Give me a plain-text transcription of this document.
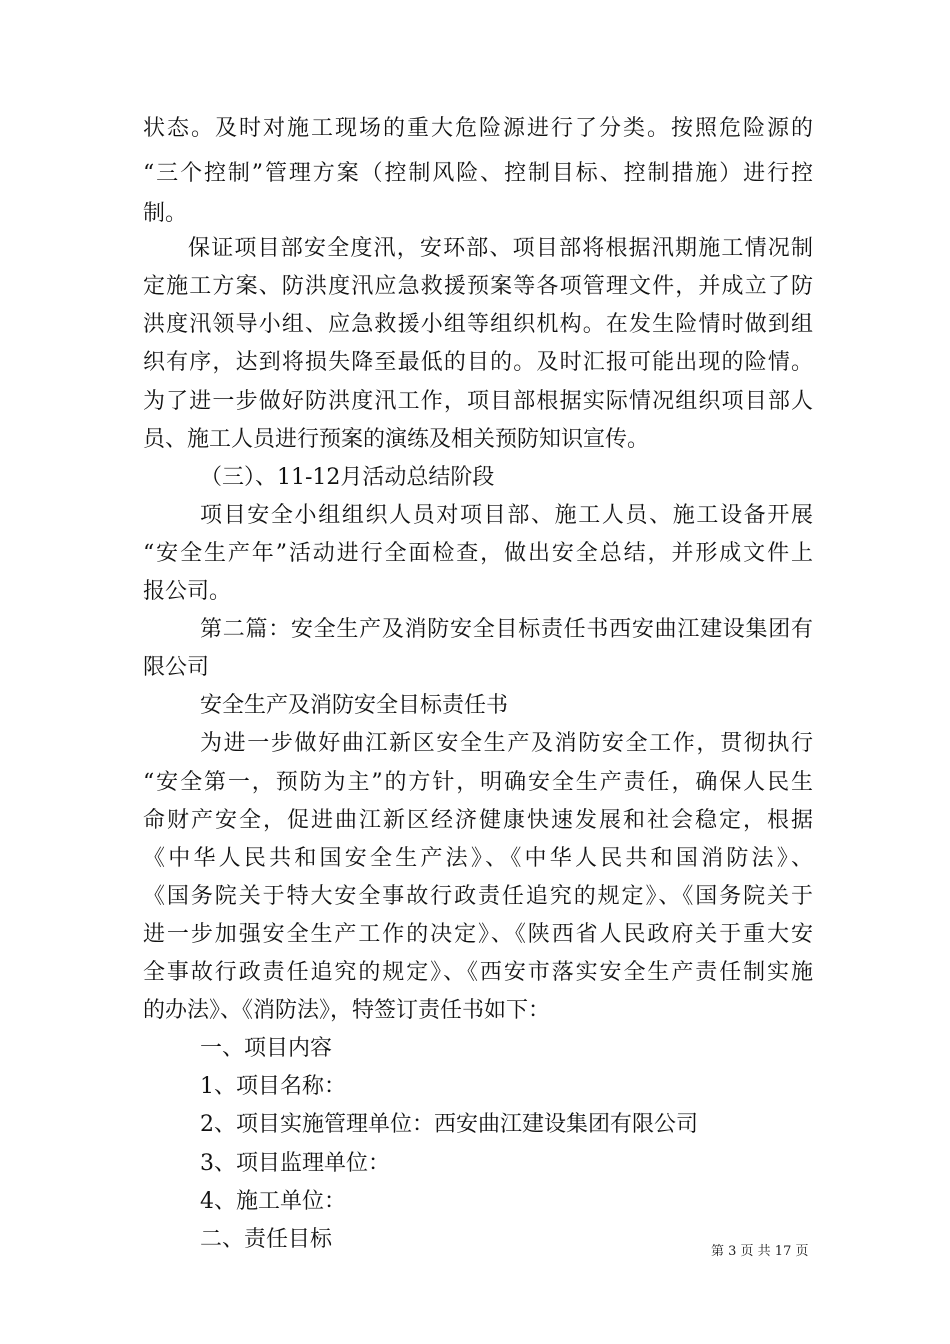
状态。及时对施工现场的重大危险源进行了分类。按照危险源的
“三个控制”管理方案（控制风险、控制目标、控制措施）进行控
制。
保证项目部安全度汛，安环部、项目部将根据汛期施工情况制
定施工方案、防洪度汛应急救援预案等各项管理文件，并成立了防
洪度汛领导小组、应急救援小组等组织机构。在发生险情时做到组
织有序，达到将损失降至最低的目的。及时汇报可能出现的险情。
为了进一步做好防洪度汛工作，项目部根据实际情况组织项目部人
员、施工人员进行预案的演练及相关预防知识宣传。
（三）、11-12月活动总结阶段
项目安全小组组织人员对项目部、施工人员、施工设备开展
“安全生产年”活动进行全面检查，做出安全总结，并形成文件上
报公司。
第二篇：安全生产及消防安全目标责任书西安曲江建设集团有
限公司
安全生产及消防安全目标责任书
为进一步做好曲江新区安全生产及消防安全工作，贯彻执行
“安全第一，预防为主”的方针，明确安全生产责任，确保人民生
命财产安全，促进曲江新区经济健康快速发展和社会稳定，根据
《中华人民共和国安全生产法》、《中华人民共和国消防法》、
《国务院关于特大安全事故行政责任追究的规定》、《国务院关于
进一步加强安全生产工作的决定》、《陕西省人民政府关于重大安
全事故行政责任追究的规定》、《西安市落实安全生产责任制实施
的办法》、《消防法》，特签订责任书如下：
一、项目内容
1、项目名称：
2、项目实施管理单位：西安曲江建设集团有限公司
3、项目监理单位：
4、施工单位：
二、责任目标	第 3 页 共 17 页
